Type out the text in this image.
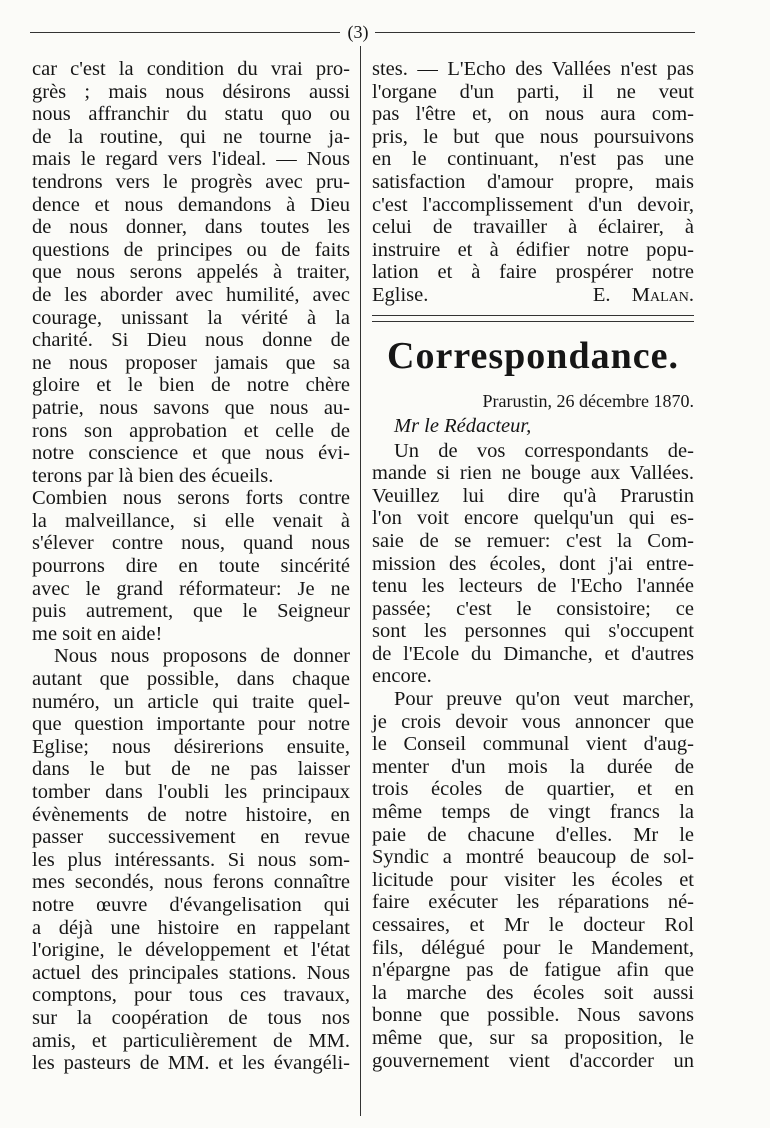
(3)
car c'est la condition du vrai pro-
grès ; mais nous désirons aussi
nous affranchir du statu quo ou
de la routine, qui ne tourne ja-
mais le regard vers l'ideal. — Nous
tendrons vers le progrès avec pru-
dence et nous demandons à Dieu
de nous donner, dans toutes les
questions de principes ou de faits
que nous serons appelés à traiter,
de les aborder avec humilité, avec
courage, unissant la vérité à la
charité. Si Dieu nous donne de
ne nous proposer jamais que sa
gloire et le bien de notre chère
patrie, nous savons que nous au-
rons son approbation et celle de
notre conscience et que nous évi-
terons par là bien des écueils.
Combien nous serons forts contre
la malveillance, si elle venait à
s'élever contre nous, quand nous
pourrons dire en toute sincérité
avec le grand réformateur: Je ne
puis autrement, que le Seigneur
me soit en aide!
Nous nous proposons de donner
autant que possible, dans chaque
numéro, un article qui traite quel-
que question importante pour notre
Eglise; nous désirerions ensuite,
dans le but de ne pas laisser
tomber dans l'oubli les principaux
évènements de notre histoire, en
passer successivement en revue
les plus intéressants. Si nous som-
mes secondés, nous ferons connaître
notre œuvre d'évangelisation qui
a déjà une histoire en rappelant
l'origine, le développement et l'état
actuel des principales stations. Nous
comptons, pour tous ces travaux,
sur la coopération de tous nos
amis, et particulièrement de MM.
les pasteurs de MM. et les évangéli-
stes. — L'Echo des Vallées n'est pas
l'organe d'un parti, il ne veut
pas l'être et, on nous aura com-
pris, le but que nous poursuivons
en le continuant, n'est pas une
satisfaction d'amour propre, mais
c'est l'accomplissement d'un devoir,
celui de travailler à éclairer, à
instruire et à édifier notre popu-
lation et à faire prospérer notre
Eglise.	E. Malan.
Correspondance.
Prarustin, 26 décembre 1870.
Mr le Rédacteur,
Un de vos correspondants de-
mande si rien ne bouge aux Vallées.
Veuillez lui dire qu'à Prarustin
l'on voit encore quelqu'un qui es-
saie de se remuer: c'est la Com-
mission des écoles, dont j'ai entre-
tenu les lecteurs de l'Echo l'année
passée; c'est le consistoire; ce
sont les personnes qui s'occupent
de l'Ecole du Dimanche, et d'autres
encore.
Pour preuve qu'on veut marcher,
je crois devoir vous annoncer que
le Conseil communal vient d'aug-
menter d'un mois la durée de
trois écoles de quartier, et en
même temps de vingt francs la
paie de chacune d'elles. Mr le
Syndic a montré beaucoup de sol-
licitude pour visiter les écoles et
faire exécuter les réparations né-
cessaires, et Mr le docteur Rol
fils, délégué pour le Mandement,
n'épargne pas de fatigue afin que
la marche des écoles soit aussi
bonne que possible. Nous savons
même que, sur sa proposition, le
gouvernement vient d'accorder un
